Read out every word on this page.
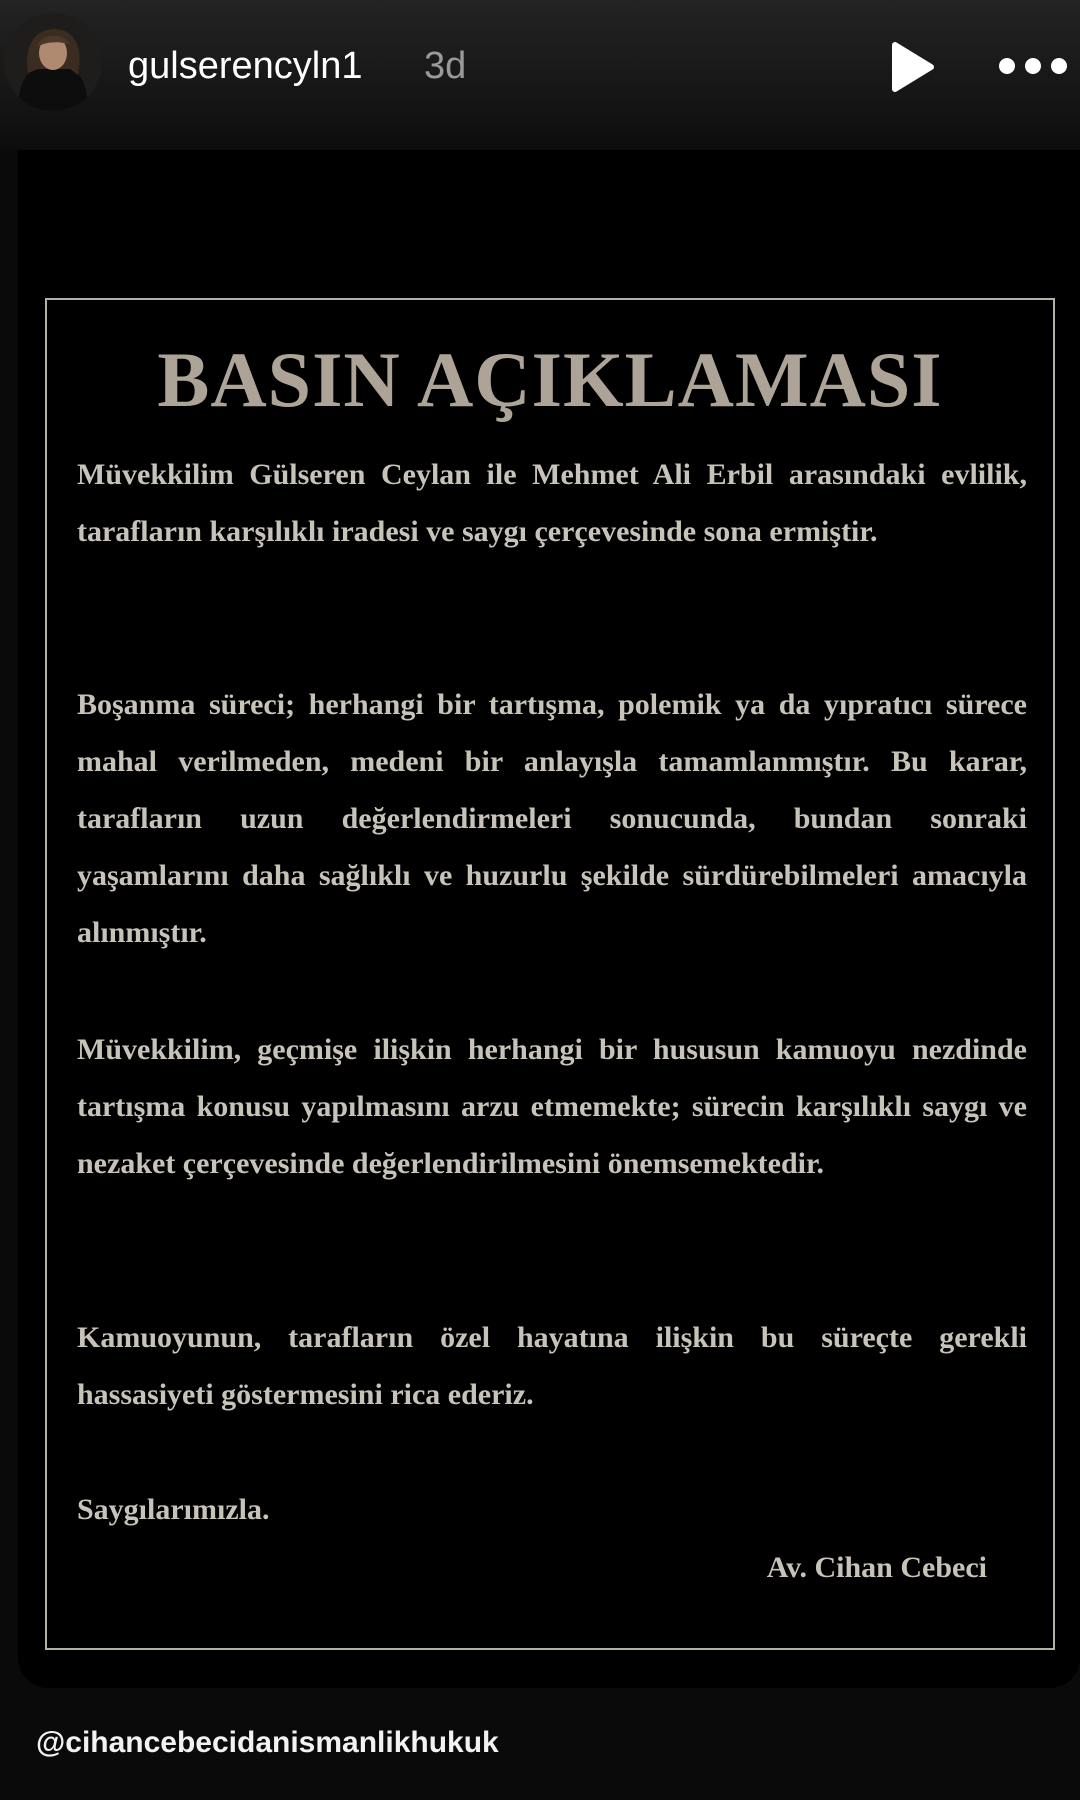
gulserencyln1 3d
BASIN AÇIKLAMASI

Müvekkilim Gülseren Ceylan ile Mehmet Ali Erbil arasındaki evlilik, tarafların karşılıklı iradesi ve saygı çerçevesinde sona ermiştir.

Boşanma süreci; herhangi bir tartışma, polemik ya da yıpratıcı sürece mahal verilmeden, medeni bir anlayışla tamamlanmıştır. Bu karar, tarafların uzun değerlendirmeleri sonucunda, bundan sonraki yaşamlarını daha sağlıklı ve huzurlu şekilde sürdürebilmeleri amacıyla alınmıştır.

Müvekkilim, geçmişe ilişkin herhangi bir hususun kamuoyu nezdinde tartışma konusu yapılmasını arzu etmemekte; sürecin karşılıklı saygı ve nezaket çerçevesinde değerlendirilmesini önemsemektedir.

Kamuoyunun, tarafların özel hayatına ilişkin bu süreçte gerekli hassasiyeti göstermesini rica ederiz.

Saygılarımızla.

Av. Cihan Cebeci
@cihancebecidanismanlikhukuk
